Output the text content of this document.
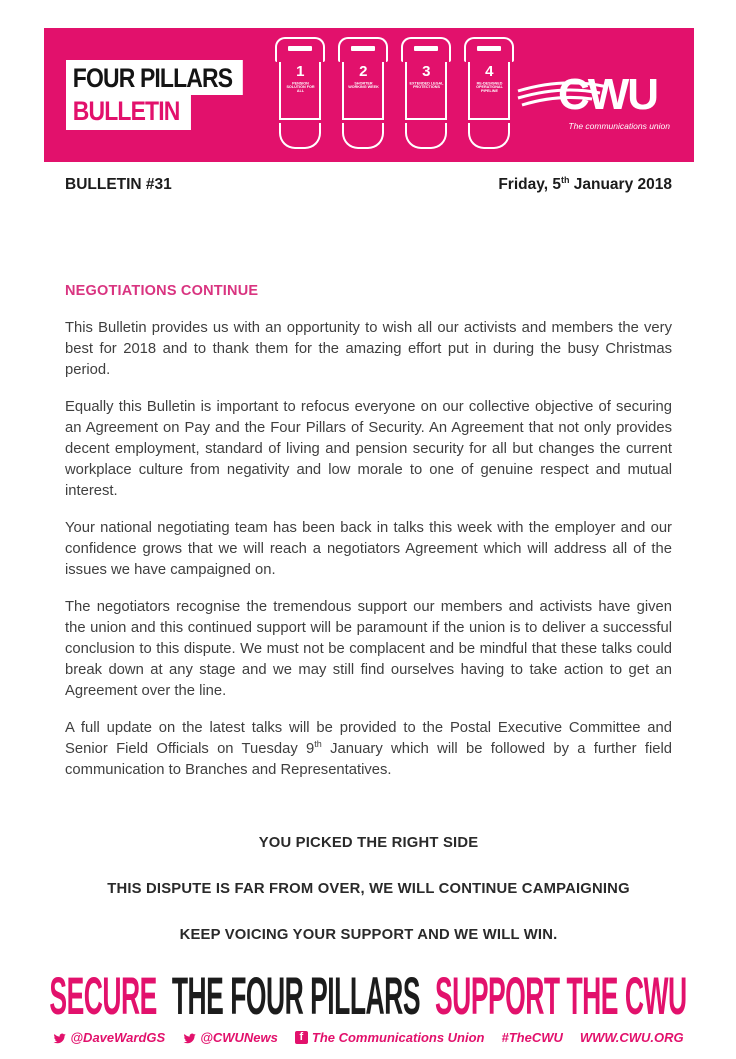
FOUR PILLARS
BULLETIN
1
PENSION SOLUTION FOR ALL
2
SHORTER WORKING WEEK
3
EXTENDED LEGAL PROTECTIONS
4
RE-DESIGNED OPERATIONAL PIPELINE CWU
The communications union
BULLETIN #31	Friday, 5th January 2018
NEGOTIATIONS CONTINUE

This Bulletin provides us with an opportunity to wish all our activists and members the very best for 2018 and to thank them for the amazing effort put in during the busy Christmas period.

Equally this Bulletin is important to refocus everyone on our collective objective of securing an Agreement on Pay and the Four Pillars of Security. An Agreement that not only provides decent employment, standard of living and pension security for all but changes the current workplace culture from negativity and low morale to one of genuine respect and mutual interest.

Your national negotiating team has been back in talks this week with the employer and our confidence grows that we will reach a negotiators Agreement which will address all of the issues we have campaigned on.

The negotiators recognise the tremendous support our members and activists have given the union and this continued support will be paramount if the union is to deliver a successful conclusion to this dispute. We must not be complacent and be mindful that these talks could break down at any stage and we may still find ourselves having to take action to get an Agreement over the line.

A full update on the latest talks will be provided to the Postal Executive Committee and Senior Field Officials on Tuesday 9th January which will be followed by a further field communication to Branches and Representatives.

YOU PICKED THE RIGHT SIDE
THIS DISPUTE IS FAR FROM OVER, WE WILL CONTINUE CAMPAIGNING
KEEP VOICING YOUR SUPPORT AND WE WILL WIN.
SECURE THE FOUR PILLARS SUPPORT THE CWU
@DaveWardGS	@CWUNews	f The Communications Union #TheCWU WWW.CWU.ORG
